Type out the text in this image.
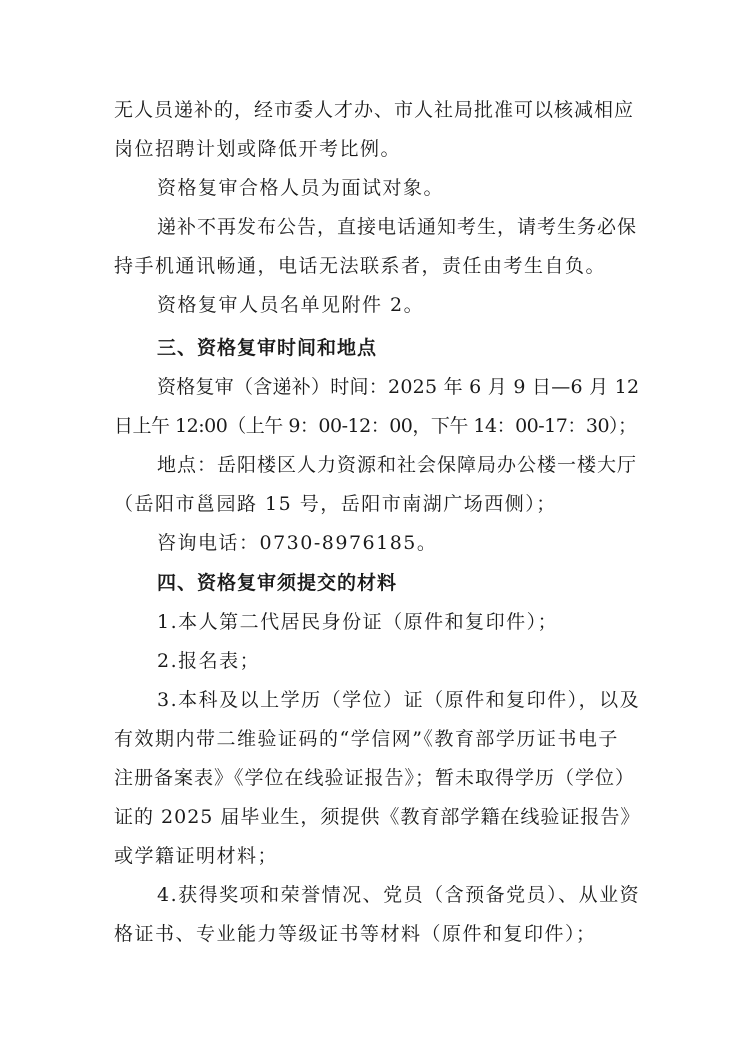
无人员递补的，经市委人才办、市人社局批准可以核减相应
岗位招聘计划或降低开考比例。
资格复审合格人员为面试对象。
递补不再发布公告，直接电话通知考生，请考生务必保
持手机通讯畅通，电话无法联系者，责任由考生自负。
资格复审人员名单见附件 2。
三、资格复审时间和地点
资格复审（含递补）时间：2025 年 6 月 9 日—6 月 12
日上午 12:00（上午 9：00-12：00，下午 14：00-17：30）；
地点：岳阳楼区人力资源和社会保障局办公楼一楼大厅
（岳阳市邕园路 15 号，岳阳市南湖广场西侧）；
咨询电话：0730-8976185。
四、资格复审须提交的材料
1.本人第二代居民身份证（原件和复印件）；
2.报名表；
3.本科及以上学历（学位）证（原件和复印件），以及
有效期内带二维验证码的“学信网”《教育部学历证书电子
注册备案表》《学位在线验证报告》；暂未取得学历（学位）
证的 2025 届毕业生，须提供《教育部学籍在线验证报告》
或学籍证明材料；
4.获得奖项和荣誉情况、党员（含预备党员）、从业资
格证书、专业能力等级证书等材料（原件和复印件）；
